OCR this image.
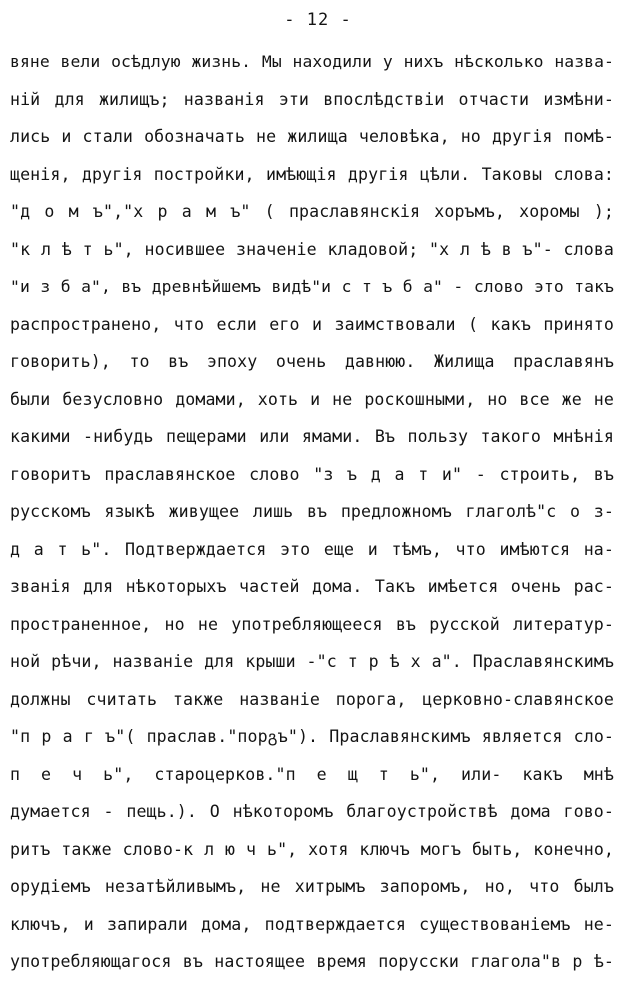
- 12 -
вяне вели осѣдлую жизнь. Мы находили у нихъ нѣсколько назва-
ній для жилищъ; названія эти впослѣдствіи отчасти измѣни-
лись и стали обозначать не жилища человѣка, но другія помѣ-
щенія, другія постройки, имѣющія другія цѣли. Таковы слова:
"д о м ъ","х р а м ъ" ( праславянскія хоръмъ, хоромы );
"к л ѣ т ь", носившее значеніе кладовой; "х л ѣ в ъ"- слова
"и з б а", въ древнѣйшемъ видѣ"и с т ъ б а" - слово это такъ
распространено, что если его и заимствовали ( какъ принято
говорить), то въ эпоху очень давнюю. Жилища праславянъ
были безусловно домами, хоть и не роскошными, но все же не
какими -нибудь пещерами или ямами. Въ пользу такого мнѣнія
говоритъ праславянское слово "з ъ д а т и" - строить, въ
русскомъ языкѣ живущее лишь въ предложномъ глаголѣ"с о з-
д а т ь". Подтверждается это еще и тѣмъ, что имѣются на-
званія для нѣкоторыхъ частей дома. Такъ имѣется очень рас-
пространенное, но не употребляющееся въ русской литератур-
ной рѣчи, названіе для крыши -"с т р ѣ х а". Праславянскимъ
должны считать также названіе порога, церковно-славянское
"п р а г ъ"( праслав."порგъ"). Праславянскимъ является сло-
п е ч ь", староцерков."п е щ т ь", или- какъ мнѣ
думается - пещь.). О нѣкоторомъ благоустройствѣ дома гово-
ритъ также слово-к л ю ч ь", хотя ключъ могъ быть, конечно,
орудіемъ незатѣйливымъ, не хитрымъ запоромъ, но, что былъ
ключъ, и запирали дома, подтверждается существованіемъ не-
употребляющагося въ настоящее время порусски глагола"в р ѣ-
